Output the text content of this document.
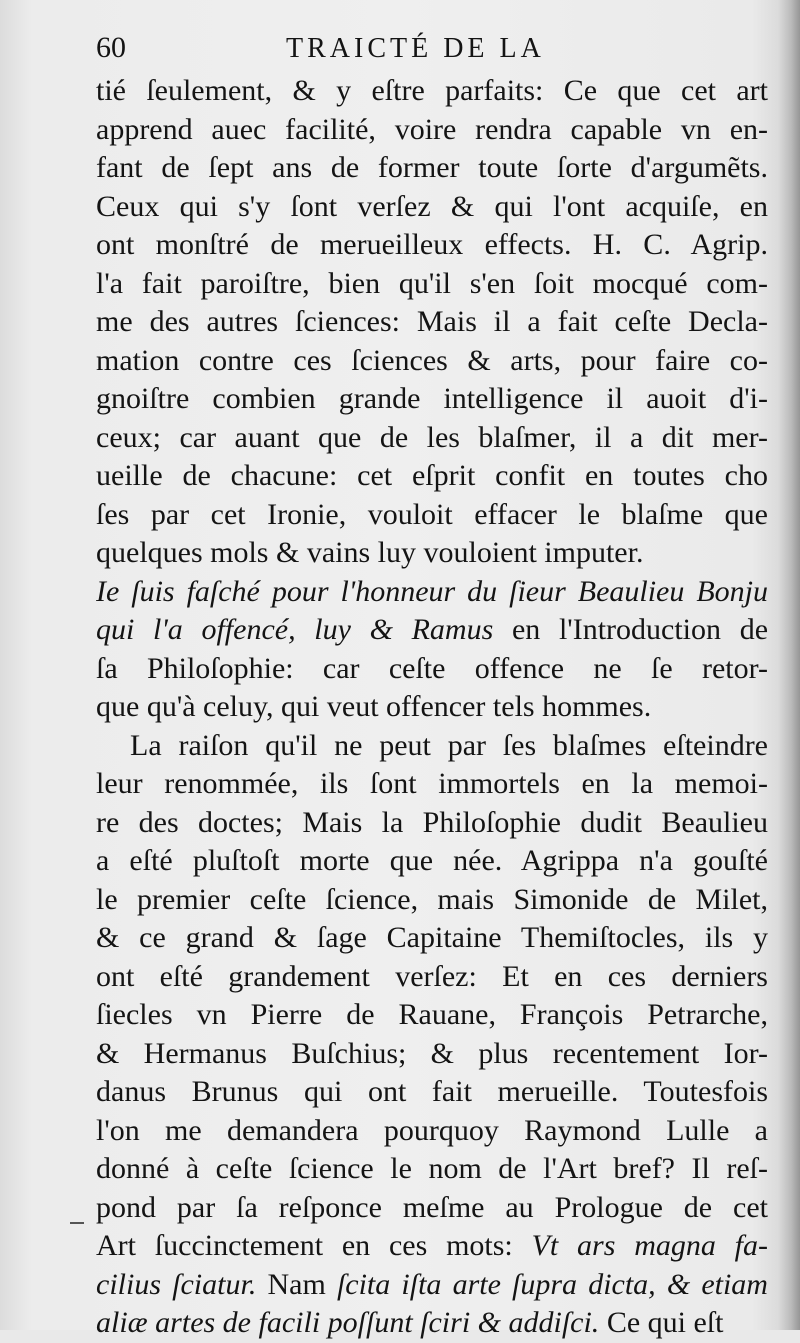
60	TRAICTÉ DE LA
tié ſeulement, & y eſtre parfaits: Ce que cet art
apprend auec facilité, voire rendra capable vn en-
fant de ſept ans de former toute ſorte d'argumẽts.
Ceux qui s'y ſont verſez & qui l'ont acquiſe, en
ont monſtré de merueilleux effects. H. C. Agrip.
l'a fait paroiſtre, bien qu'il s'en ſoit mocqué com-
me des autres ſciences: Mais il a fait ceſte Decla-
mation contre ces ſciences & arts, pour faire co-
gnoiſtre combien grande intelligence il auoit d'i-
ceux; car auant que de les blaſmer, il a dit mer-
ueille de chacune: cet eſprit confit en toutes cho
ſes par cet Ironie, vouloit effacer le blaſme que
quelques mols & vains luy vouloient imputer.
Ie ſuis faſché pour l'honneur du ſieur Beaulieu Bonju
qui l'a offencé, luy & Ramus en l'Introduction de
ſa Philoſophie: car ceſte offence ne ſe retor-
que qu'à celuy, qui veut offencer tels hommes.
La raiſon qu'il ne peut par ſes blaſmes eſteindre
leur renommée, ils ſont immortels en la memoi-
re des doctes; Mais la Philoſophie dudit Beaulieu
a eſté pluſtoſt morte que née. Agrippa n'a gouſté
le premier ceſte ſcience, mais Simonide de Milet,
& ce grand & ſage Capitaine Themiſtocles, ils y
ont eſté grandement verſez: Et en ces derniers
ſiecles vn Pierre de Rauane, François Petrarche,
& Hermanus Buſchius; & plus recentement Ior-
danus Brunus qui ont fait merueille. Toutesfois
l'on me demandera pourquoy Raymond Lulle a
donné à ceſte ſcience le nom de l'Art bref? Il reſ-
pond par ſa reſponce meſme au Prologue de cet
Art ſuccinctement en ces mots: Vt ars magna fa-
cilius ſciatur. Nam ſcita iſta arte ſupra dicta, & etiam
aliæ artes de facili poſſunt ſciri & addiſci. Ce qui eſt
